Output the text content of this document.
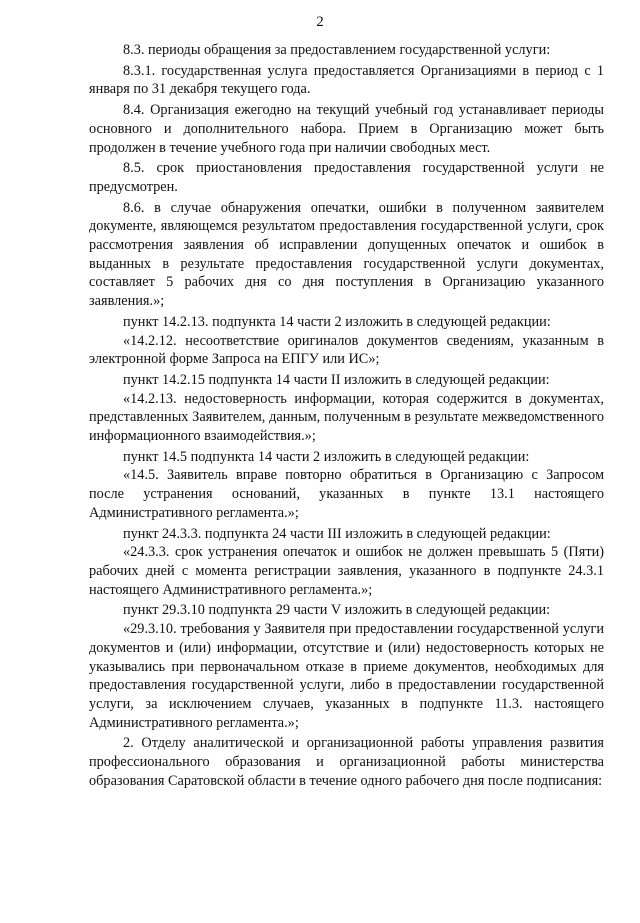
2

8.3. периоды обращения за предоставлением государственной услуги:

8.3.1. государственная услуга предоставляется Организациями в период с 1 января по 31 декабря текущего года.

8.4. Организация ежегодно на текущий учебный год устанавливает периоды основного и дополнительного набора. Прием в Организацию может быть продолжен в течение учебного года при наличии свободных мест.

8.5. срок приостановления предоставления государственной услуги не предусмотрен.

8.6. в случае обнаружения опечатки, ошибки в полученном заявителем документе, являющемся результатом предоставления государственной услуги, срок рассмотрения заявления об исправлении допущенных опечаток и ошибок в выданных в результате предоставления государственной услуги документах, составляет 5 рабочих дня со дня поступления в Организацию указанного заявления.»;

пункт 14.2.13. подпункта 14 части 2 изложить в следующей редакции:

«14.2.12. несоответствие оригиналов документов сведениям, указанным в электронной форме Запроса на ЕПГУ или ИС»;

пункт 14.2.15 подпункта 14 части II изложить в следующей редакции:

«14.2.13. недостоверность информации, которая содержится в документах, представленных Заявителем, данным, полученным в результате межведомственного информационного взаимодействия.»;

пункт 14.5 подпункта 14 части 2 изложить в следующей редакции:

«14.5. Заявитель вправе повторно обратиться в Организацию с Запросом после устранения оснований, указанных в пункте 13.1 настоящего Административного регламента.»;

пункт 24.3.3. подпункта 24 части III изложить в следующей редакции:

«24.3.3. срок устранения опечаток и ошибок не должен превышать 5 (Пяти) рабочих дней с момента регистрации заявления, указанного в подпункте 24.3.1 настоящего Административного регламента.»;

пункт 29.3.10 подпункта 29 части V изложить в следующей редакции:

«29.3.10. требования у Заявителя при предоставлении государственной услуги документов и (или) информации, отсутствие и (или) недостоверность которых не указывались при первоначальном отказе в приеме документов, необходимых для предоставления государственной услуги, либо в предоставлении государственной услуги, за исключением случаев, указанных в подпункте 11.3. настоящего Административного регламента.»;

2. Отделу аналитической и организационной работы управления развития профессионального образования и организационной работы министерства образования Саратовской области в течение одного рабочего дня после подписания:
